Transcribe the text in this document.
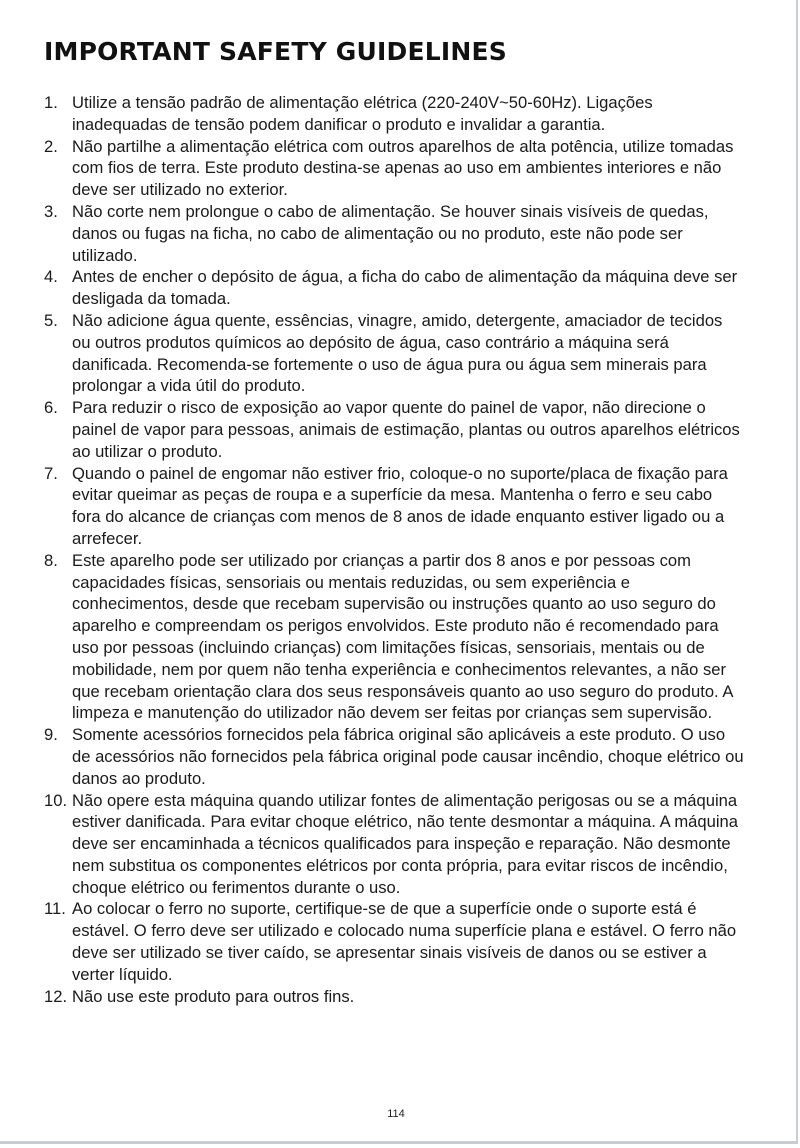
IMPORTANT SAFETY GUIDELINES
1. Utilize a tensão padrão de alimentação elétrica (220-240V~50-60Hz). Ligações inadequadas de tensão podem danificar o produto e invalidar a garantia.
2. Não partilhe a alimentação elétrica com outros aparelhos de alta potência, utilize tomadas com fios de terra. Este produto destina-se apenas ao uso em ambientes interiores e não deve ser utilizado no exterior.
3. Não corte nem prolongue o cabo de alimentação. Se houver sinais visíveis de quedas, danos ou fugas na ficha, no cabo de alimentação ou no produto, este não pode ser utilizado.
4. Antes de encher o depósito de água, a ficha do cabo de alimentação da máquina deve ser desligada da tomada.
5. Não adicione água quente, essências, vinagre, amido, detergente, amaciador de tecidos ou outros produtos químicos ao depósito de água, caso contrário a máquina será danificada. Recomenda-se fortemente o uso de água pura ou água sem minerais para prolongar a vida útil do produto.
6. Para reduzir o risco de exposição ao vapor quente do painel de vapor, não direcione o painel de vapor para pessoas, animais de estimação, plantas ou outros aparelhos elétricos ao utilizar o produto.
7. Quando o painel de engomar não estiver frio, coloque-o no suporte/placa de fixação para evitar queimar as peças de roupa e a superfície da mesa. Mantenha o ferro e seu cabo fora do alcance de crianças com menos de 8 anos de idade enquanto estiver ligado ou a arrefecer.
8. Este aparelho pode ser utilizado por crianças a partir dos 8 anos e por pessoas com capacidades físicas, sensoriais ou mentais reduzidas, ou sem experiência e conhecimentos, desde que recebam supervisão ou instruções quanto ao uso seguro do aparelho e compreendam os perigos envolvidos. Este produto não é recomendado para uso por pessoas (incluindo crianças) com limitações físicas, sensoriais, mentais ou de mobilidade, nem por quem não tenha experiência e conhecimentos relevantes, a não ser que recebam orientação clara dos seus responsáveis quanto ao uso seguro do produto. A limpeza e manutenção do utilizador não devem ser feitas por crianças sem supervisão.
9. Somente acessórios fornecidos pela fábrica original são aplicáveis a este produto. O uso de acessórios não fornecidos pela fábrica original pode causar incêndio, choque elétrico ou danos ao produto.
10. Não opere esta máquina quando utilizar fontes de alimentação perigosas ou se a máquina estiver danificada. Para evitar choque elétrico, não tente desmontar a máquina. A máquina deve ser encaminhada a técnicos qualificados para inspeção e reparação. Não desmonte nem substitua os componentes elétricos por conta própria, para evitar riscos de incêndio, choque elétrico ou ferimentos durante o uso.
11. Ao colocar o ferro no suporte, certifique-se de que a superfície onde o suporte está é estável. O ferro deve ser utilizado e colocado numa superfície plana e estável. O ferro não deve ser utilizado se tiver caído, se apresentar sinais visíveis de danos ou se estiver a verter líquido.
12. Não use este produto para outros fins.
114
